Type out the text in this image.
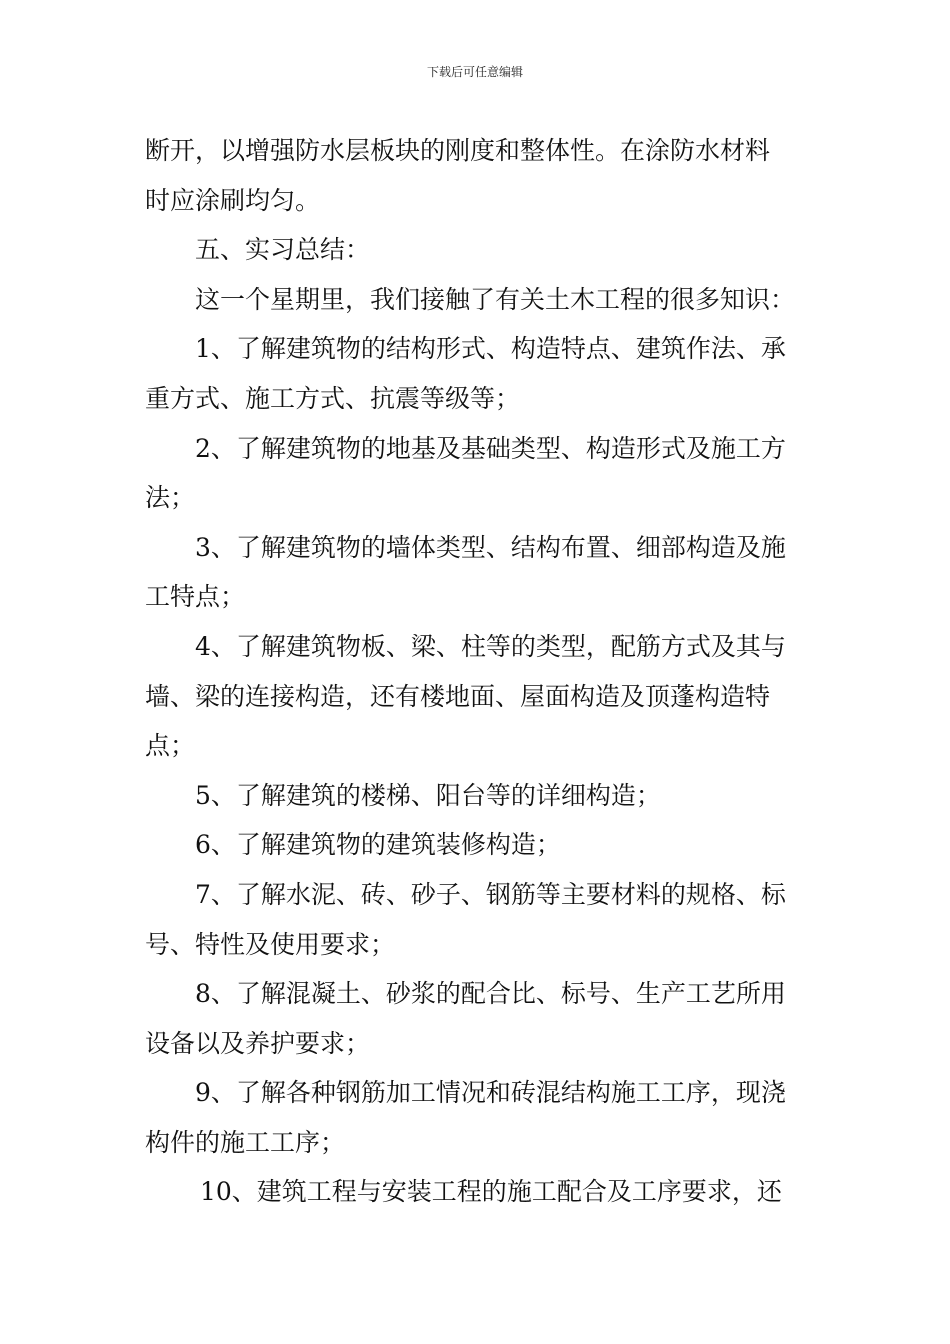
下载后可任意编辑
断开，以增强防水层板块的刚度和整体性。在涂防水材料
时应涂刷均匀。
五、实习总结：
这一个星期里，我们接触了有关土木工程的很多知识：
1、了解建筑物的结构形式、构造特点、建筑作法、承
重方式、施工方式、抗震等级等；
2、了解建筑物的地基及基础类型、构造形式及施工方
法；
3、了解建筑物的墙体类型、结构布置、细部构造及施
工特点；
4、了解建筑物板、梁、柱等的类型，配筋方式及其与
墙、梁的连接构造，还有楼地面、屋面构造及顶蓬构造特
点；
5、了解建筑的楼梯、阳台等的详细构造；
6、了解建筑物的建筑装修构造；
7、了解水泥、砖、砂子、钢筋等主要材料的规格、标
号、特性及使用要求；
8、了解混凝土、砂浆的配合比、标号、生产工艺所用
设备以及养护要求；
9、了解各种钢筋加工情况和砖混结构施工工序，现浇
构件的施工工序；
10、建筑工程与安装工程的施工配合及工序要求，还
